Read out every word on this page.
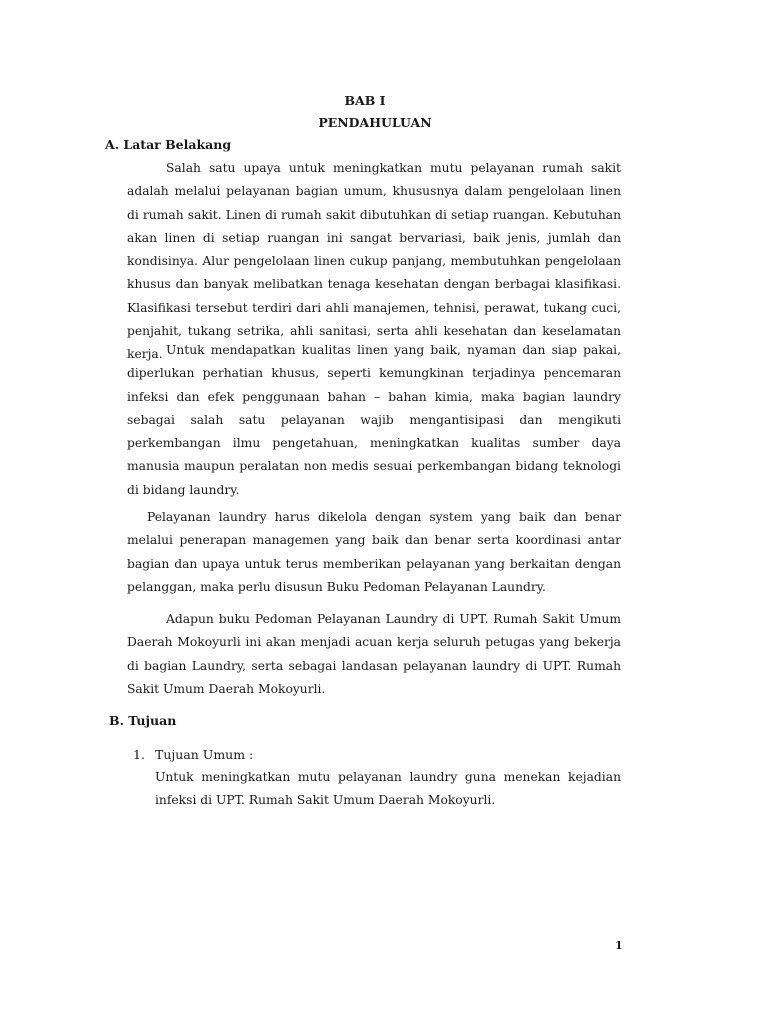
BAB I
PENDAHULUAN
A. Latar Belakang

Salah satu upaya untuk meningkatkan mutu pelayanan rumah sakit adalah melalui pelayanan bagian umum, khususnya dalam pengelolaan linen di rumah sakit. Linen di rumah sakit dibutuhkan di setiap ruangan. Kebutuhan akan linen di setiap ruangan ini sangat bervariasi, baik jenis, jumlah dan kondisinya. Alur pengelolaan linen cukup panjang, membutuhkan pengelolaan khusus dan banyak melibatkan tenaga kesehatan dengan berbagai klasifikasi. Klasifikasi tersebut terdiri dari ahli manajemen, tehnisi, perawat, tukang cuci, penjahit, tukang setrika, ahli sanitasi, serta ahli kesehatan dan keselamatan kerja. Untuk mendapatkan kualitas linen yang baik, nyaman dan siap pakai, diperlukan perhatian khusus, seperti kemungkinan terjadinya pencemaran infeksi dan efek penggunaan bahan – bahan kimia, maka bagian laundry sebagai salah satu pelayanan wajib mengantisipasi dan mengikuti perkembangan ilmu pengetahuan, meningkatkan kualitas sumber daya manusia maupun peralatan non medis sesuai perkembangan bidang teknologi di bidang laundry.

Pelayanan laundry harus dikelola dengan system yang baik dan benar melalui penerapan managemen yang baik dan benar serta koordinasi antar bagian dan upaya untuk terus memberikan pelayanan yang berkaitan dengan pelanggan, maka perlu disusun Buku Pedoman Pelayanan Laundry.

Adapun buku Pedoman Pelayanan Laundry di UPT. Rumah Sakit Umum Daerah Mokoyurli ini akan menjadi acuan kerja seluruh petugas yang bekerja di bagian Laundry, serta sebagai landasan pelayanan laundry di UPT. Rumah Sakit Umum Daerah Mokoyurli.

B. Tujuan
1. Tujuan Umum :

Untuk meningkatkan mutu pelayanan laundry guna menekan kejadian infeksi di UPT. Rumah Sakit Umum Daerah Mokoyurli.

1
